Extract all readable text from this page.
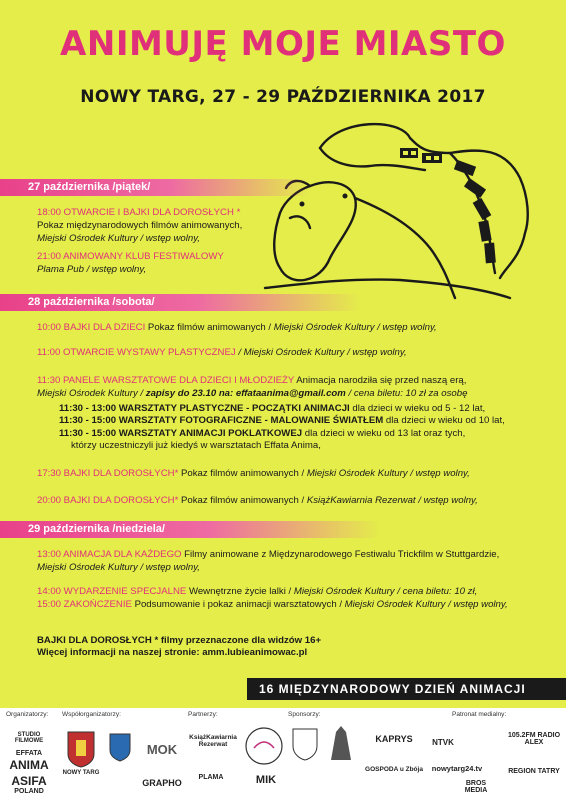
ANIMUJĘ MOJE MIASTO
NOWY TARG, 27 - 29 PAŹDZIERNIKA 2017
27 października /piątek/
18:00 OTWARCIE I BAJKI DLA DOROSŁYCH *
Pokaz międzynarodowych filmów animowanych,
Miejski Ośrodek Kultury / wstęp wolny,
21:00 ANIMOWANY KLUB FESTIWALOWY
Plama Pub / wstęp wolny,
28 października /sobota/
10:00 BAJKI DLA DZIECI Pokaz filmów animowanych / Miejski Ośrodek Kultury / wstęp wolny,
11:00 OTWARCIE WYSTAWY PLASTYCZNEJ / Miejski Ośrodek Kultury / wstęp wolny,
11:30 PANELE WARSZTATOWE DLA DZIECI I MŁODZIEŻY Animacja narodziła się przed naszą erą,
Miejski Ośrodek Kultury / zapisy do 23.10 na: effataanima@gmail.com / cena biletu: 10 zł za osobę
11:30 - 13:00 WARSZTATY PLASTYCZNE - POCZĄTKI ANIMACJI dla dzieci w wieku od 5 - 12 lat,
11:30 - 15:00 WARSZTATY FOTOGRAFICZNE - MALOWANIE ŚWIATŁEM dla dzieci w wieku od 10 lat,
11:30 - 15:00 WARSZTATY ANIMACJI POKLATKOWEJ dla dzieci w wieku od 13 lat oraz tych,
którzy uczestniczyli już kiedyś w warsztatach Effata Anima,
17:30 BAJKI DLA DOROSŁYCH* Pokaz filmów animowanych / Miejski Ośrodek Kultury / wstęp wolny,
20:00 BAJKI DLA DOROSŁYCH* Pokaz filmów animowanych / KsiążKawiarnia Rezerwat / wstęp wolny,
29 października /niedziela/
13:00 ANIMACJA DLA KAŻDEGO Filmy animowane z Międzynarodowego Festiwalu Trickfilm w Stuttgardzie,
Miejski Ośrodek Kultury / wstęp wolny,
14:00 WYDARZENIE SPECJALNE Wewnętrzne życie lalki / Miejski Ośrodek Kultury / cena biletu: 10 zł,
15:00 ZAKOŃCZENIE Podsumowanie i pokaz animacji warsztatowych / Miejski Ośrodek Kultury / wstęp wolny,
BAJKI DLA DOROSŁYCH * filmy przeznaczone dla widzów 16+
Więcej informacji na naszej stronie: amm.lubieanimowac.pl
16 MIĘDZYNARODOWY DZIEŃ ANIMACJI
Organizatorzy: Współorganizatorzy:	Partnerzy:	Sponsorzy:	Patronat medialny:
STUDIO FILMOWE
EFFATA
ANIMA
ASIFA
POLAND
NOWY TARG
MOK
GRAPHO
KsiążKawiarnia Rezerwat
PLAMA	MIK
KAPRYS
GOSPODA u Zbója
NTVK
105.2FM RADIO ALEX
nowytarg24.tv
BROS MEDIA
REGION TATRY
